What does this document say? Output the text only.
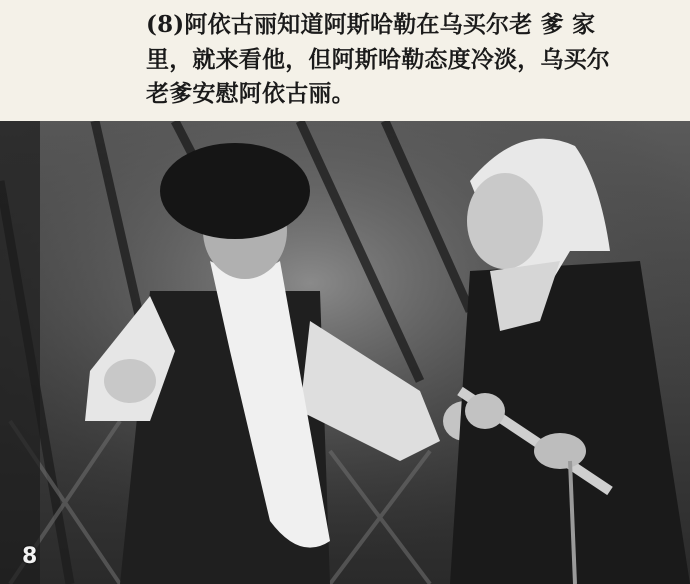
(8)阿依古丽知道阿斯哈勒在乌买尔老 爹 家
里，就来看他，但阿斯哈勒态度冷淡，乌买尔
老爹安慰阿依古丽。
8
